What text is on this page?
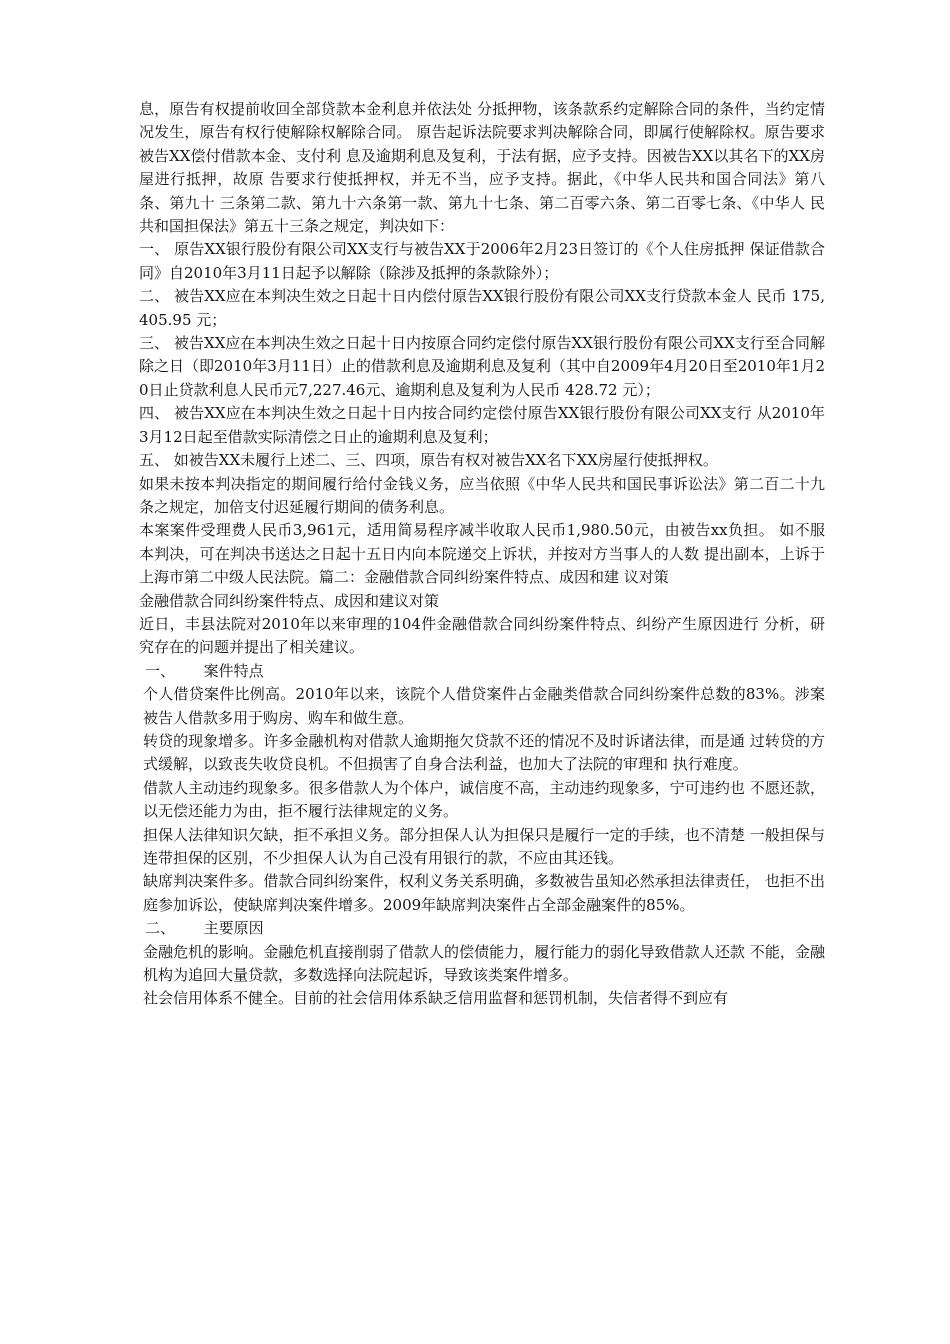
息，原告有权提前收回全部贷款本金利息并依法处 分抵押物，该条款系约定解除合同的条件，当约定情况发生，原告有权行使解除权解除合同。 原告起诉法院要求判决解除合同，即属行使解除权。原告要求被告XX偿付借款本金、支付利 息及逾期利息及复利，于法有据，应予支持。因被告XX以其名下的XX房屋进行抵押，故原 告要求行使抵押权，并无不当，应予支持。据此，《中华人民共和国合同法》第八条、第九十 三条第二款、第九十六条第一款、第九十七条、第二百零六条、第二百零七条、《中华人 民共和国担保法》第五十三条之规定，判决如下：

一、 原告XX银行股份有限公司XX支行与被告XX于2006年2月23日签订的《个人住房抵押 保证借款合同》自2010年3月11日起予以解除（除涉及抵押的条款除外）；

二、 被告XX应在本判决生效之日起十日内偿付原告XX银行股份有限公司XX支行贷款本金人 民币 175,405.95 元；

三、 被告XX应在本判决生效之日起十日内按原合同约定偿付原告XX银行股份有限公司XX支行至合同解除之日（即2010年3月11日）止的借款利息及逾期利息及复利（其中自2009年4月20日至2010年1月20日止贷款利息人民币元7,227.46元、逾期利息及复利为人民币 428.72 元）；

四、 被告XX应在本判决生效之日起十日内按合同约定偿付原告XX银行股份有限公司XX支行 从2010年3月12日起至借款实际清偿之日止的逾期利息及复利；

五、 如被告XX未履行上述二、三、四项，原告有权对被告XX名下XX房屋行使抵押权。

如果未按本判决指定的期间履行给付金钱义务，应当依照《中华人民共和国民事诉讼法》第二百二十九条之规定，加倍支付迟延履行期间的债务利息。

本案案件受理费人民币3,961元，适用简易程序减半收取人民币1,980.50元，由被告xx负担。 如不服本判决，可在判决书送达之日起十五日内向本院递交上诉状，并按对方当事人的人数 提出副本，上诉于上海市第二中级人民法院。篇二：金融借款合同纠纷案件特点、成因和建 议对策

金融借款合同纠纷案件特点、成因和建议对策

近日，丰县法院对2010年以来审理的104件金融借款合同纠纷案件特点、纠纷产生原因进行 分析，研究存在的问题并提出了相关建议。

一、      案件特点

个人借贷案件比例高。2010年以来，该院个人借贷案件占金融类借款合同纠纷案件总数的83%。涉案被告人借款多用于购房、购车和做生意。

转贷的现象增多。许多金融机构对借款人逾期拖欠贷款不还的情况不及时诉诸法律，而是通 过转贷的方式缓解，以致丧失收贷良机。不但损害了自身合法利益，也加大了法院的审理和 执行难度。

借款人主动违约现象多。很多借款人为个体户，诚信度不高，主动违约现象多，宁可违约也 不愿还款，以无偿还能力为由，拒不履行法律规定的义务。

担保人法律知识欠缺，拒不承担义务。部分担保人认为担保只是履行一定的手续，也不清楚 一般担保与连带担保的区别，不少担保人认为自己没有用银行的款，不应由其还钱。

缺席判决案件多。借款合同纠纷案件，权利义务关系明确，多数被告虽知必然承担法律责任， 也拒不出庭参加诉讼，使缺席判决案件增多。2009年缺席判决案件占全部金融案件的85%。

二、      主要原因

金融危机的影响。金融危机直接削弱了借款人的偿债能力，履行能力的弱化导致借款人还款 不能，金融机构为追回大量贷款，多数选择向法院起诉，导致该类案件增多。

社会信用体系不健全。目前的社会信用体系缺乏信用监督和惩罚机制，失信者得不到应有
